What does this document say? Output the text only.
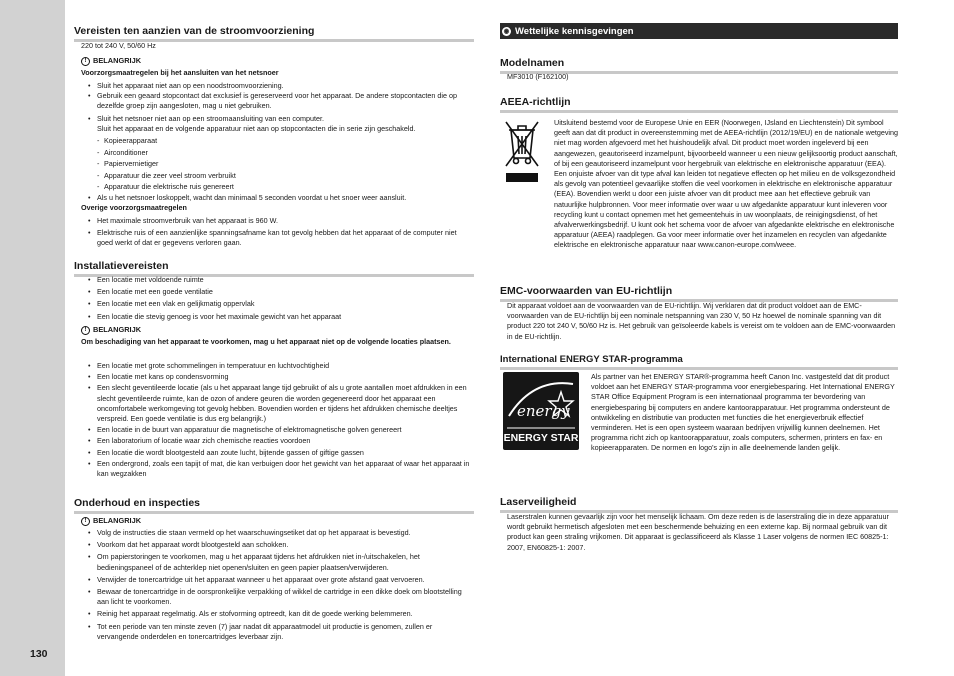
130
Vereisten ten aanzien van de stroomvoorziening
220 tot 240 V, 50/60 Hz
! BELANGRIJK
Voorzorgsmaatregelen bij het aansluiten van het netsnoer
• Sluit het apparaat niet aan op een noodstroomvoorziening.
• Gebruik een geaard stopcontact dat exclusief is gereserveerd voor het apparaat. De andere stopcontacten die op dezelfde groep zijn aangesloten, mag u niet gebruiken.
• Sluit het netsnoer niet aan op een stroomaansluiting van een computer.
Sluit het apparaat en de volgende apparatuur niet aan op stopcontacten die in serie zijn geschakeld.
- Kopieerapparaat
- Airconditioner
- Papiervernietiger
- Apparatuur die zeer veel stroom verbruikt
- Apparatuur die elektrische ruis genereert
• Als u het netsnoer loskoppelt, wacht dan minimaal 5 seconden voordat u het snoer weer aansluit.
Overige voorzorgsmaatregelen
• Het maximale stroomverbruik van het apparaat is 960 W.
• Elektrische ruis of een aanzienlijke spanningsafname kan tot gevolg hebben dat het apparaat of de computer niet goed werkt of dat er gegevens verloren gaan.
Installatievereisten
• Een locatie met voldoende ruimte
• Een locatie met een goede ventilatie
• Een locatie met een vlak en gelijkmatig oppervlak
• Een locatie die stevig genoeg is voor het maximale gewicht van het apparaat
! BELANGRIJK
Om beschadiging van het apparaat te voorkomen, mag u het apparaat niet op de volgende locaties plaatsen.
• Een locatie met grote schommelingen in temperatuur en luchtvochtigheid
• Een locatie met kans op condensvorming
• Een slecht geventileerde locatie (als u het apparaat lange tijd gebruikt of als u grote aantallen moet afdrukken in een slecht geventileerde ruimte, kan de ozon of andere geuren die worden gegenereerd door het apparaat een oncomfortabele werkomgeving tot gevolg hebben. Bovendien worden er tijdens het afdrukken chemische deeltjes verspreid. Een goede ventilatie is dus erg belangrijk.)
• Een locatie in de buurt van apparatuur die magnetische of elektromagnetische golven genereert
• Een laboratorium of locatie waar zich chemische reacties voordoen
• Een locatie die wordt blootgesteld aan zoute lucht, bijtende gassen of giftige gassen
• Een ondergrond, zoals een tapijt of mat, die kan verbuigen door het gewicht van het apparaat of waar het apparaat in kan wegzakken
Onderhoud en inspecties
! BELANGRIJK
• Volg de instructies die staan vermeld op het waarschuwingsetiket dat op het apparaat is bevestigd.
• Voorkom dat het apparaat wordt blootgesteld aan schokken.
• Om papierstoringen te voorkomen, mag u het apparaat tijdens het afdrukken niet in-/uitschakelen, het bedieningspaneel of de achterklep niet openen/sluiten en geen papier plaatsen/verwijderen.
• Verwijder de tonercartridge uit het apparaat wanneer u het apparaat over grote afstand gaat vervoeren.
• Bewaar de tonercartridge in de oorspronkelijke verpakking of wikkel de cartridge in een dikke doek om blootstelling aan licht te voorkomen.
• Reinig het apparaat regelmatig. Als er stofvorming optreedt, kan dit de goede werking belemmeren.
• Tot een periode van ten minste zeven (7) jaar nadat dit apparaatmodel uit productie is genomen, zullen er vervangende onderdelen en tonercartridges leverbaar zijn.
◉ Wettelijke kennisgevingen
Modelnamen
MF3010 (F162100)
AEEA-richtlijn
Uitsluitend bestemd voor de Europese Unie en EER (Noorwegen, IJsland en Liechtenstein) Dit symbool geeft aan dat dit product in overeenstemming met de AEEA-richtlijn (2012/19/EU) en de nationale wetgeving niet mag worden afgevoerd met het huishoudelijk afval. Dit product moet worden ingeleverd bij een aangewezen, geautoriseerd inzamelpunt, bijvoorbeeld wanneer u een nieuw gelijksoortig product aanschaft, of bij een geautoriseerd inzamelpunt voor hergebruik van elektrische en elektronische apparatuur (EEA). Een onjuiste afvoer van dit type afval kan leiden tot negatieve effecten op het milieu en de volksgezondheid als gevolg van potentieel gevaarlijke stoffen die veel voorkomen in elektrische en elektronische apparatuur (EEA). Bovendien werkt u door een juiste afvoer van dit product mee aan het effectieve gebruik van natuurlijke hulpbronnen. Voor meer informatie over waar u uw afgedankte apparatuur kunt inleveren voor recycling kunt u contact opnemen met het gemeentehuis in uw woonplaats, de reinigingsdienst, of het afvalverwerkingsbedrijf. U kunt ook het schema voor de afvoer van afgedankte elektrische en elektronische apparatuur (AEEA) raadplegen. Ga voor meer informatie over het inzamelen en recyclen van afgedankte elektrische en elektronische apparatuur naar www.canon-europe.com/weee.
EMC-voorwaarden van EU-richtlijn
Dit apparaat voldoet aan de voorwaarden van de EU-richtlijn. Wij verklaren dat dit product voldoet aan de EMC-voorwaarden van de EU-richtlijn bij een nominale netspanning van 230 V, 50 Hz hoewel de nominale spanning van dit product 220 tot 240 V, 50/60 Hz is. Het gebruik van geïsoleerde kabels is vereist om te voldoen aan de EMC-voorwaarden in de EU-richtlijn.
International ENERGY STAR-programma
energy
ENERGY STAR
Als partner van het ENERGY STAR®-programma heeft Canon Inc. vastgesteld dat dit product voldoet aan het ENERGY STAR-programma voor energiebesparing. Het International ENERGY STAR Office Equipment Program is een internationaal programma ter bevordering van energiebesparing bij computers en andere kantoorapparatuur. Het programma ondersteunt de ontwikkeling en distributie van producten met functies die het energieverbruik effectief verminderen. Het is een open systeem waaraan bedrijven vrijwillig kunnen deelnemen. Het programma richt zich op kantoorapparatuur, zoals computers, schermen, printers en fax- en kopieerapparaten. De normen en logo's zijn in alle deelnemende landen gelijk.
Laserveiligheid
Laserstralen kunnen gevaarlijk zijn voor het menselijk lichaam. Om deze reden is de laserstraling die in deze apparatuur wordt gebruikt hermetisch afgesloten met een beschermende behuizing en een externe kap. Bij normaal gebruik van dit product kan geen straling vrijkomen. Dit apparaat is geclassificeerd als Klasse 1 Laser volgens de normen IEC 60825-1: 2007, EN60825-1: 2007.
